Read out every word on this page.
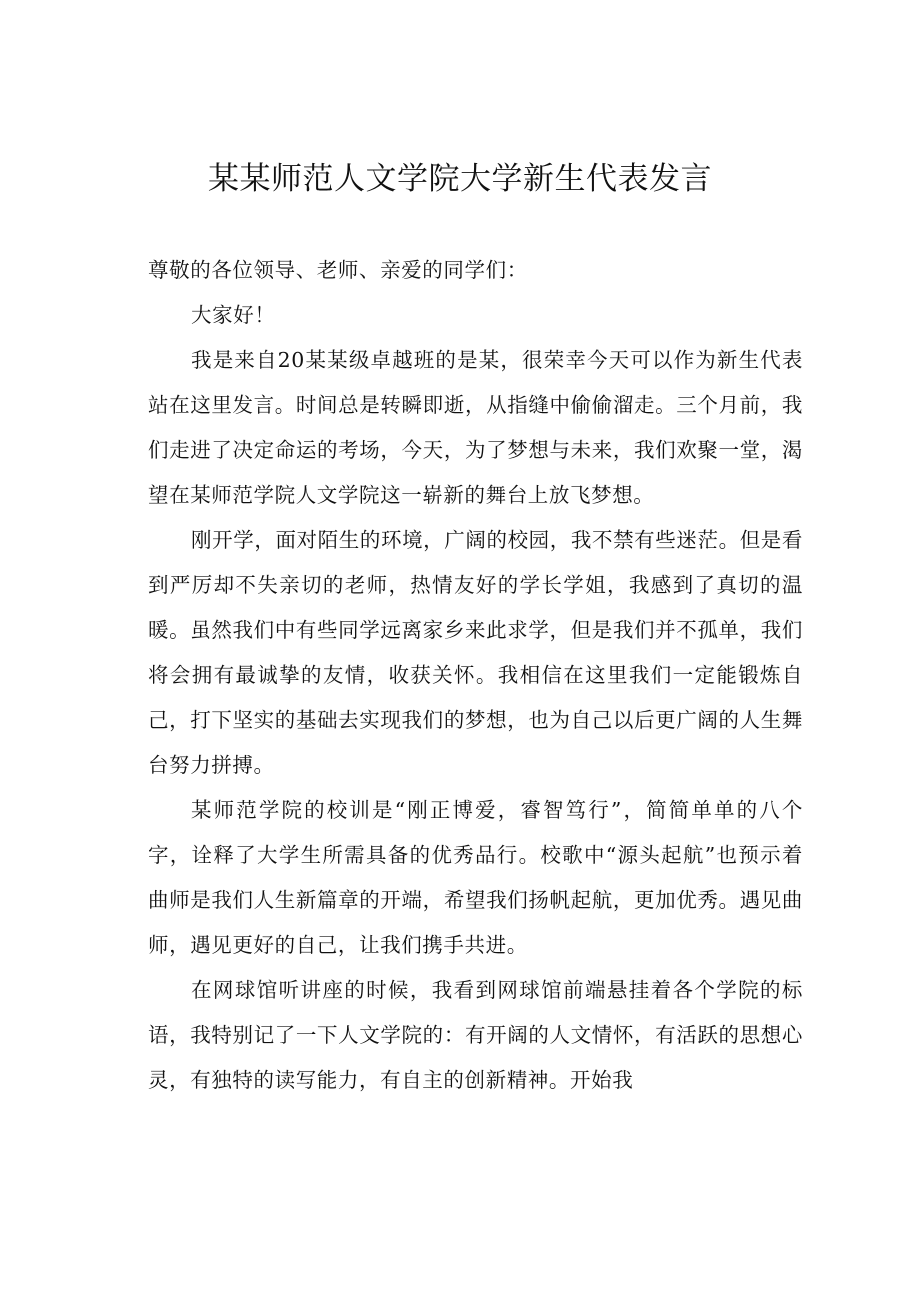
某某师范人文学院大学新生代表发言

尊敬的各位领导、老师、亲爱的同学们：

大家好！

我是来自20某某级卓越班的是某，很荣幸今天可以作为新生代表站在这里发言。时间总是转瞬即逝，从指缝中偷偷溜走。三个月前，我们走进了决定命运的考场，今天，为了梦想与未来，我们欢聚一堂，渴望在某师范学院人文学院这一崭新的舞台上放飞梦想。

刚开学，面对陌生的环境，广阔的校园，我不禁有些迷茫。但是看到严厉却不失亲切的老师，热情友好的学长学姐，我感到了真切的温暖。虽然我们中有些同学远离家乡来此求学，但是我们并不孤单，我们将会拥有最诚挚的友情，收获关怀。我相信在这里我们一定能锻炼自己，打下坚实的基础去实现我们的梦想，也为自己以后更广阔的人生舞台努力拼搏。

某师范学院的校训是“刚正博爱，睿智笃行”，简简单单的八个字，诠释了大学生所需具备的优秀品行。校歌中“源头起航”也预示着曲师是我们人生新篇章的开端，希望我们扬帆起航，更加优秀。遇见曲师，遇见更好的自己，让我们携手共进。

在网球馆听讲座的时候，我看到网球馆前端悬挂着各个学院的标语，我特别记了一下人文学院的：有开阔的人文情怀，有活跃的思想心灵，有独特的读写能力，有自主的创新精神。开始我
